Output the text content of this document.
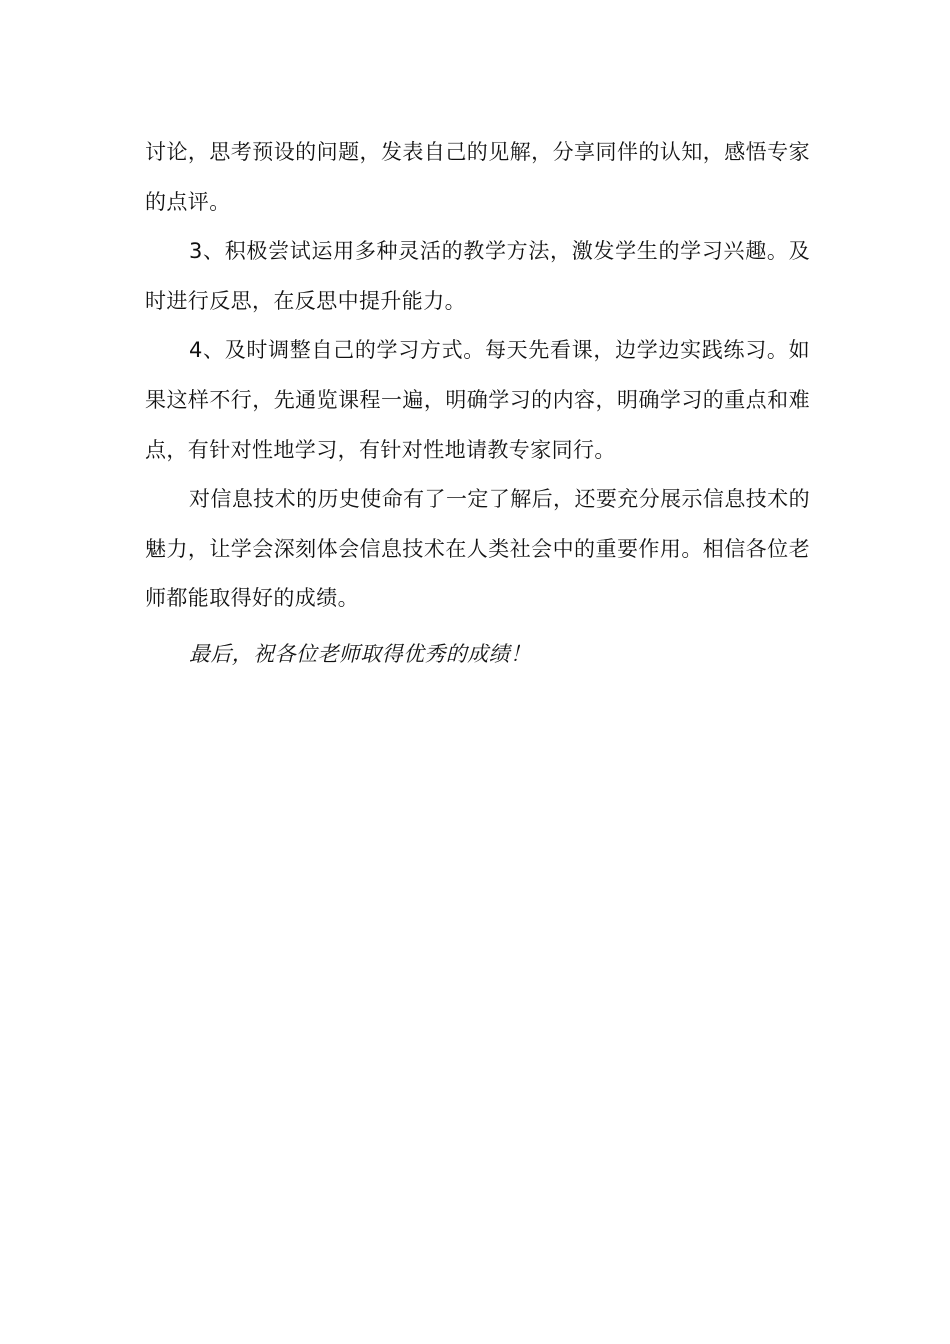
讨论，思考预设的问题，发表自己的见解，分享同伴的认知，感悟专家的点评。

3、积极尝试运用多种灵活的教学方法，激发学生的学习兴趣。及时进行反思，在反思中提升能力。

4、及时调整自己的学习方式。每天先看课，边学边实践练习。如果这样不行，先通览课程一遍，明确学习的内容，明确学习的重点和难点，有针对性地学习，有针对性地请教专家同行。

对信息技术的历史使命有了一定了解后，还要充分展示信息技术的魅力，让学会深刻体会信息技术在人类社会中的重要作用。相信各位老师都能取得好的成绩。

最后，祝各位老师取得优秀的成绩！
